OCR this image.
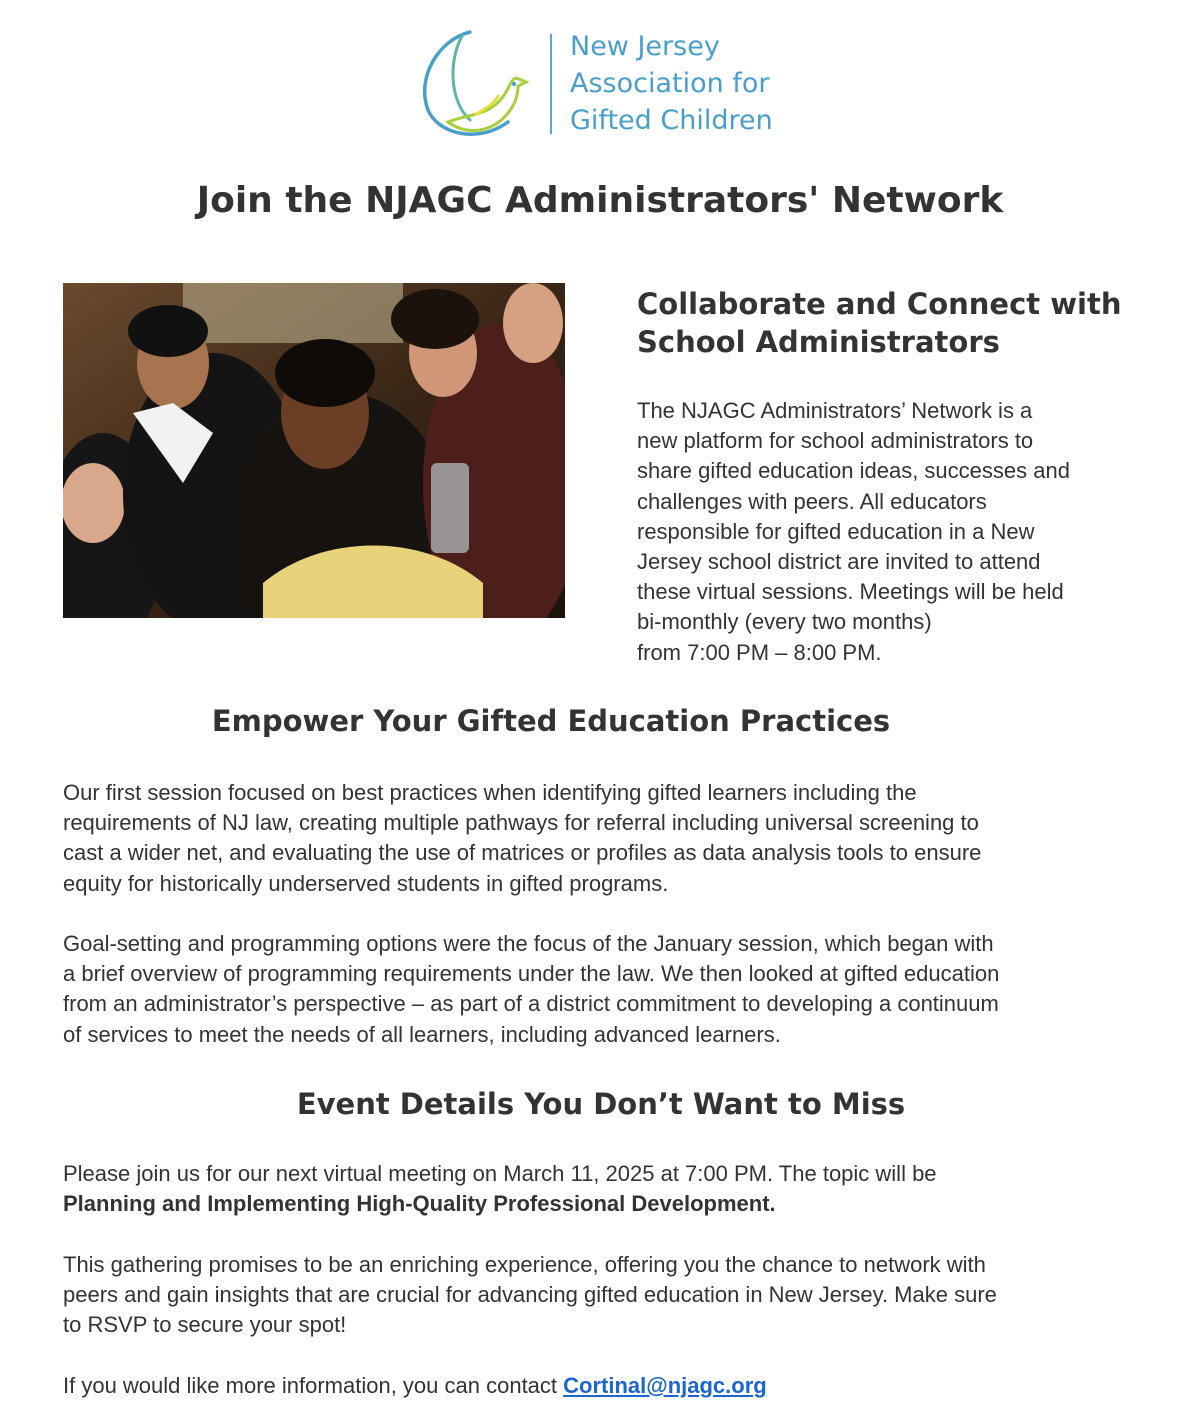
New Jersey
Association for
Gifted Children
Join the NJAGC Administrators' Network
Collaborate and Connect with
School Administrators

The NJAGC Administrators’ Network is a
new platform for school administrators to
share gifted education ideas, successes and
challenges with peers. All educators
responsible for gifted education in a New
Jersey school district are invited to attend
these virtual sessions. Meetings will be held
bi-monthly (every two months)
from 7:00 PM – 8:00 PM.

Empower Your Gifted Education Practices

Our first session focused on best practices when identifying gifted learners including the
requirements of NJ law, creating multiple pathways for referral including universal screening to
cast a wider net, and evaluating the use of matrices or profiles as data analysis tools to ensure
equity for historically underserved students in gifted programs.

Goal-setting and programming options were the focus of the January session, which began with
a brief overview of programming requirements under the law. We then looked at gifted education
from an administrator’s perspective – as part of a district commitment to developing a continuum
of services to meet the needs of all learners, including advanced learners.

Event Details You Don’t Want to Miss

Please join us for our next virtual meeting on March 11, 2025 at 7:00 PM. The topic will be
Planning and Implementing High-Quality Professional Development.

This gathering promises to be an enriching experience, offering you the chance to network with
peers and gain insights that are crucial for advancing gifted education in New Jersey. Make sure
to RSVP to secure your spot!

If you would like more information, you can contact Cortinal@njagc.org
